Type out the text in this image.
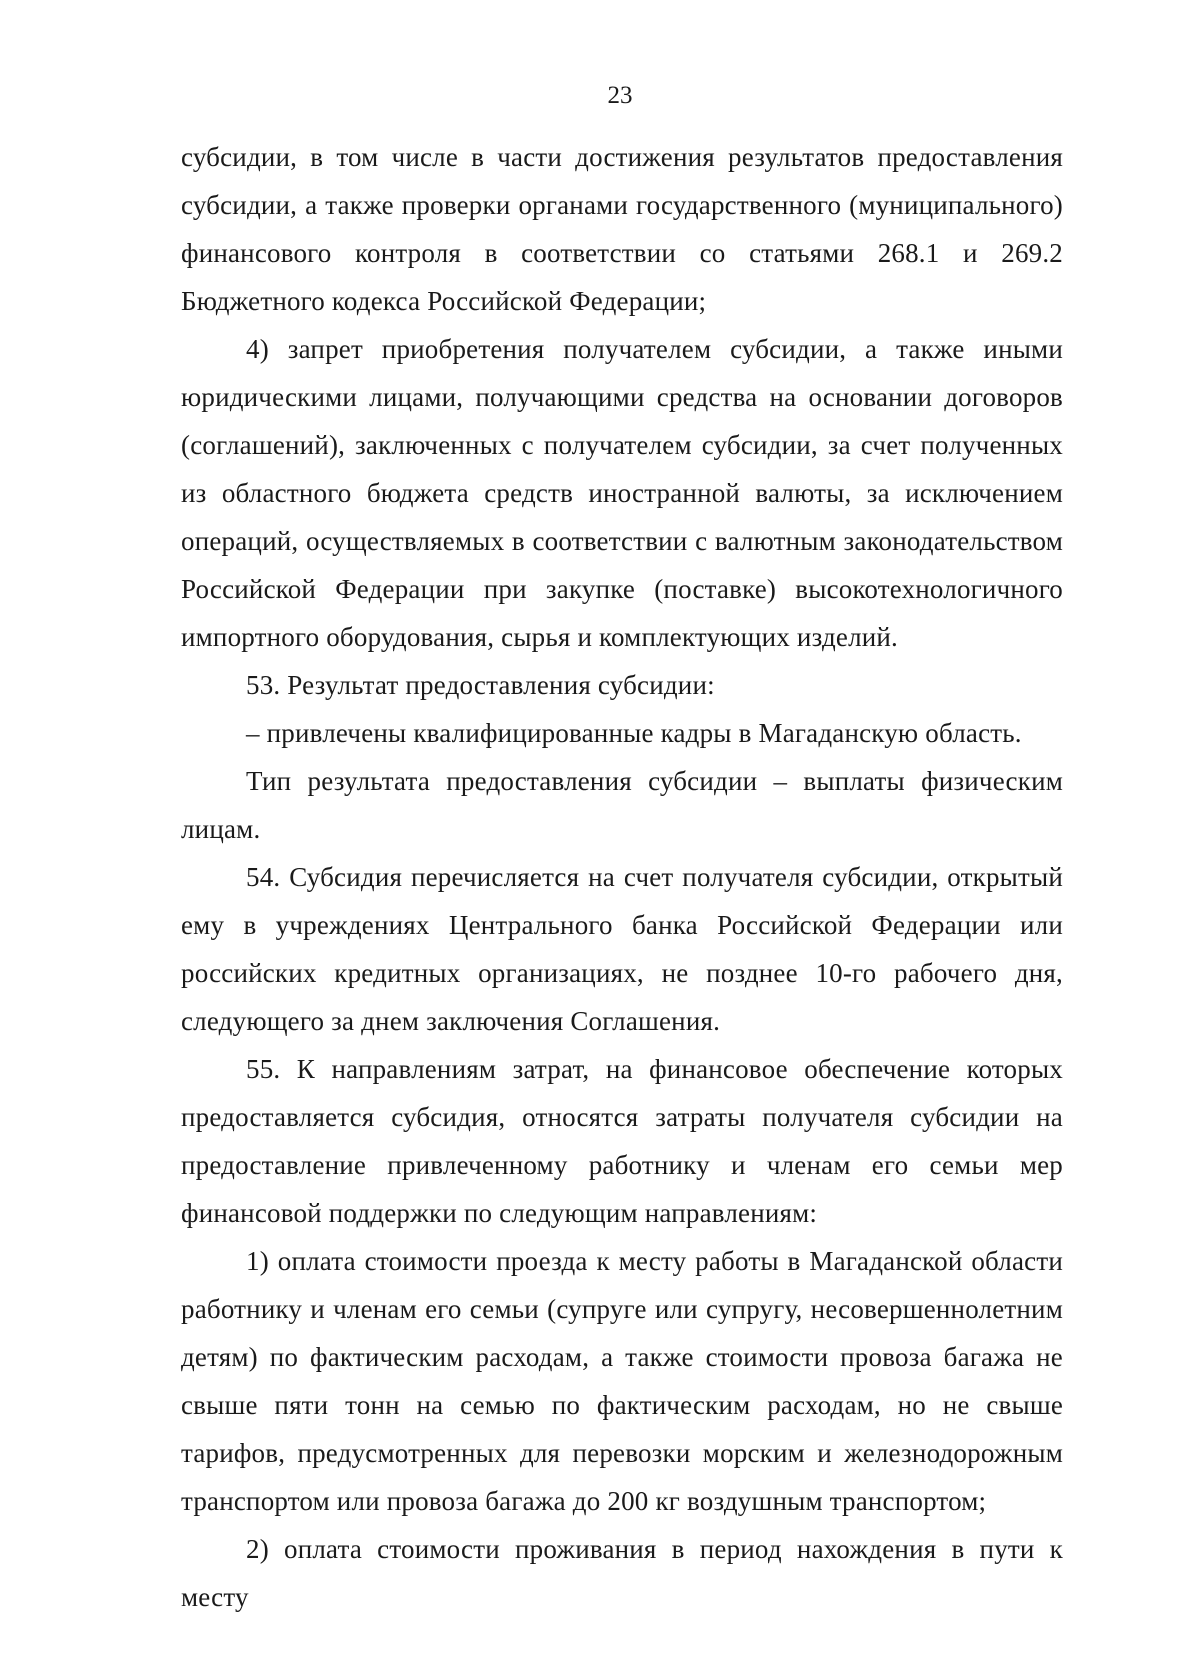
23

субсидии, в том числе в части достижения результатов предоставления субсидии, а также проверки органами государственного (муниципального) финансового контроля в соответствии со статьями 268.1 и 269.2 Бюджетного кодекса Российской Федерации;

4) запрет приобретения получателем субсидии, а также иными юридическими лицами, получающими средства на основании договоров (соглашений), заключенных с получателем субсидии, за счет полученных из областного бюджета средств иностранной валюты, за исключением операций, осуществляемых в соответствии с валютным законодательством Российской Федерации при закупке (поставке) высокотехнологичного импортного оборудования, сырья и комплектующих изделий.

53. Результат предоставления субсидии:

– привлечены квалифицированные кадры в Магаданскую область.

Тип результата предоставления субсидии – выплаты физическим лицам.

54. Субсидия перечисляется на счет получателя субсидии, открытый ему в учреждениях Центрального банка Российской Федерации или российских кредитных организациях, не позднее 10-го рабочего дня, следующего за днем заключения Соглашения.

55. К направлениям затрат, на финансовое обеспечение которых предоставляется субсидия, относятся затраты получателя субсидии на предоставление привлеченному работнику и членам его семьи мер финансовой поддержки по следующим направлениям:

1) оплата стоимости проезда к месту работы в Магаданской области работнику и членам его семьи (супруге или супругу, несовершеннолетним детям) по фактическим расходам, а также стоимости провоза багажа не свыше пяти тонн на семью по фактическим расходам, но не свыше тарифов, предусмотренных для перевозки морским и железнодорожным транспортом или провоза багажа до 200 кг воздушным транспортом;

2) оплата стоимости проживания в период нахождения в пути к месту
